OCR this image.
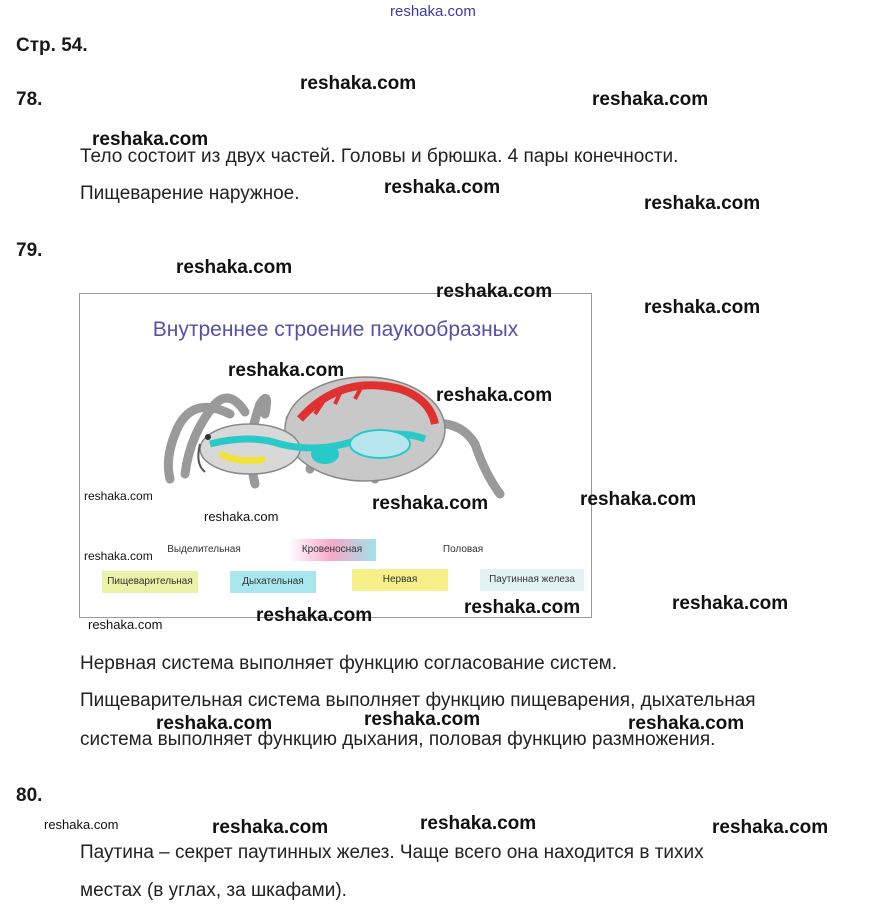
reshaka.com
Стр. 54.
78.
Тело состоит из двух частей. Головы и брюшка. 4 пары конечности.
Пищеварение наружное.
79.
Внутреннее строение паукообразных
Выделительная	Кровеносная	Половая
Пищеварительная	Дыхательная	Нервая	Паутинная железа
Нервная система выполняет функцию согласование систем.
Пищеварительная система выполняет функцию пищеварения, дыхательная
система выполняет функцию дыхания, половая функцию размножения.
80.
Паутина – секрет паутинных желез. Чаще всего она находится в тихих
местах (в углах, за шкафами).
reshaka.com
reshaka.com
reshaka.com
reshaka.com
reshaka.com
reshaka.com
reshaka.com
reshaka.com
reshaka.com
reshaka.com
reshaka.com	reshaka.com
reshaka.com	reshaka.com
reshaka.com
reshaka.com	reshaka.com	reshaka.com
reshaka.com	reshaka.com	reshaka.com
reshaka.com
reshaka.com
reshaka.com
reshaka.com
reshaka.com
